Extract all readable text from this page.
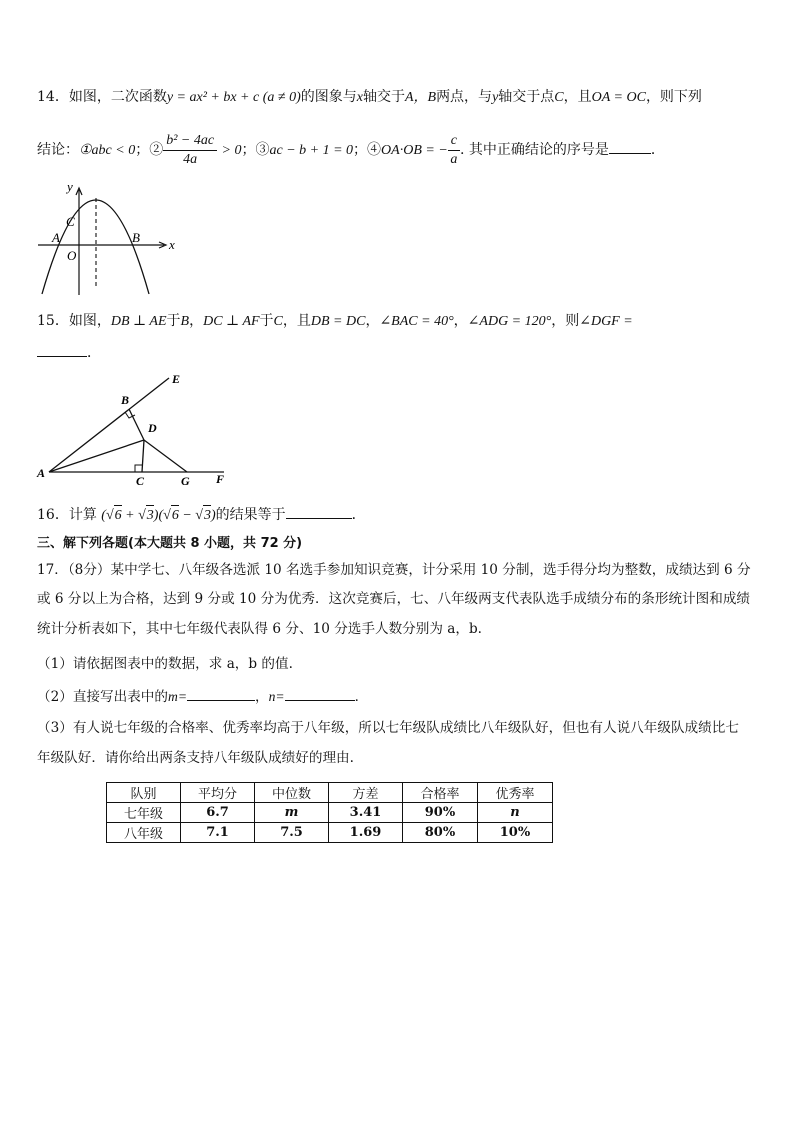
14．如图，二次函数y = ax² + bx + c (a ≠ 0)的图象与x轴交于A，B两点，与y轴交于点C，且OA = OC，则下列
结论：①abc < 0；② $\frac{\text{b² − 4ac}}{4a} > 0$；③ac − b + 1 = 0；④OA·OB = − $\frac{c}{a}$ . 其中正确结论的序号是	．
y
x
C
A
O
B
15．如图，DB ⊥ AE于B，DC ⊥ AF于C，且DB = DC，∠BAC = 40°，∠ADG = 120°，则∠DGF =
．
E
B
D
A
C	G F
16．计算 (√6 + √3)(√6 − √3)的结果等于	．
三、解下列各题(本大题共 8 小题，共 72 分)
17．（8分）某中学七、八年级各选派 10 名选手参加知识竞赛，计分采用 10 分制，选手得分均为整数，成绩达到 6 分
或 6 分以上为合格，达到 9 分或 10 分为优秀．这次竞赛后，七、八年级两支代表队选手成绩分布的条形统计图和成绩
统计分析表如下，其中七年级代表队得 6 分、10 分选手人数分别为 a，b.
（1）请依据图表中的数据，求 a，b 的值.
（2）直接写出表中的m=	，n=	．
（3）有人说七年级的合格率、优秀率均高于八年级，所以七年级队成绩比八年级队好，但也有人说八年级队成绩比七
年级队好．请你给出两条支持八年级队成绩好的理由.
队别	平均分	中位数	方差	合格率	优秀率
七年级	6.7	m	3.41	90%	n
八年级	7.1	7.5	1.69	80%	10%
